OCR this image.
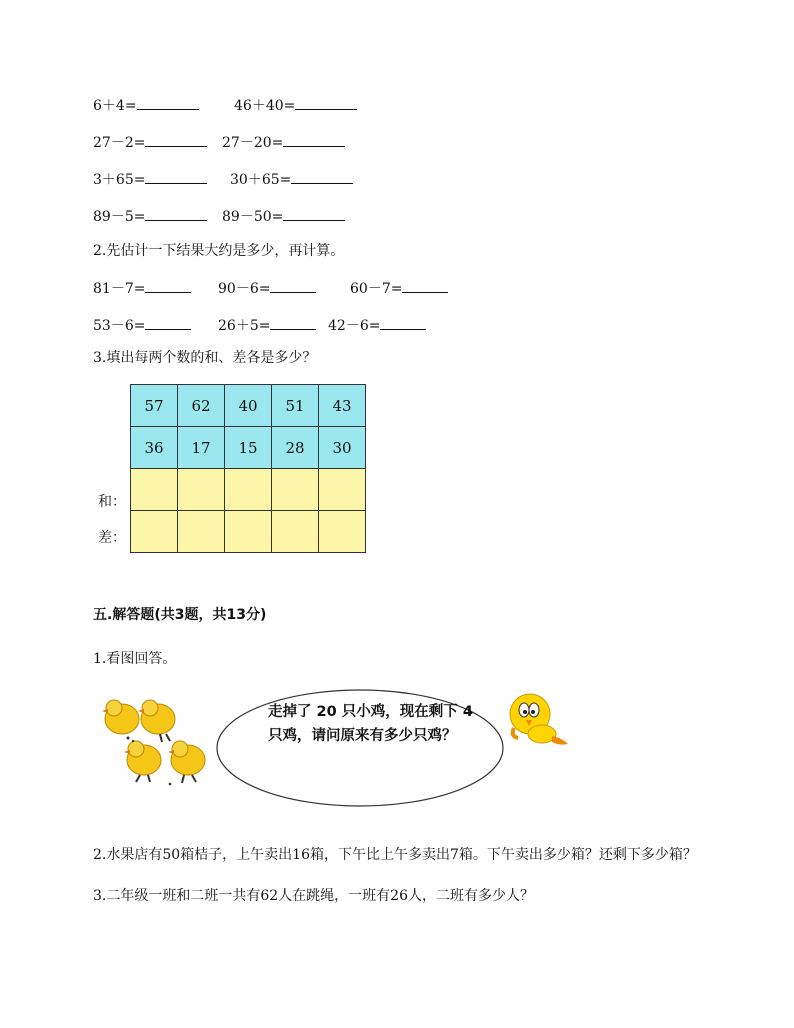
6＋4=	46＋40=
27－2=	27－20=
3＋65=	30＋65=
89－5=	89－50=
2.先估计一下结果大约是多少，再计算。
81－7=	90－6=	60－7=
53－6=	26＋5=	42－6=
3.填出每两个数的和、差各是多少？
57	62	40	51	43
36	17	15	28	30

和：
差：
五.解答题(共3题，共13分)
1.看图回答。
走掉了 20 只小鸡，现在剩下 4 只鸡，请问原来有多少只鸡？
2.水果店有50箱桔子，上午卖出16箱，下午比上午多卖出7箱。下午卖出多少箱？还剩下多少箱？
3.二年级一班和二班一共有62人在跳绳，一班有26人，二班有多少人？
